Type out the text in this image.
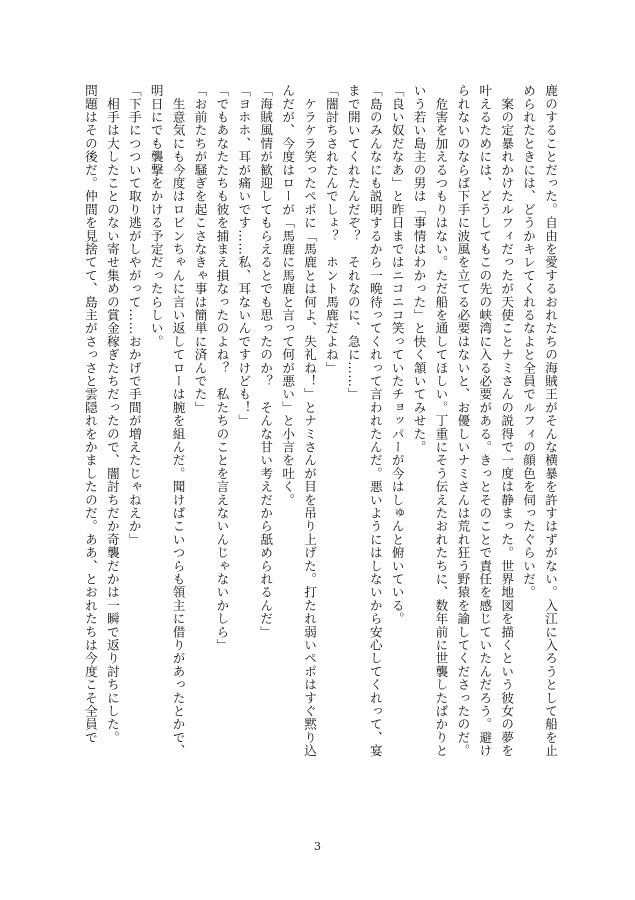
鹿のすることだった。自由を愛するおれたちの海賊王がそんな横暴を許すはずがない。入江に入ろうとして船を止

められたときには、どうかキレてくれるなよと全員でルフィの顔色を伺ったぐらいだ。

　案の定暴れかけたルフィだったが天使ことナミさんの説得で一度は静まった。世界地図を描くという彼女の夢を

叶えるためには、どうしてもこの先の峡湾に入る必要がある。きっとそのことで責任を感じていたんだろう。避け

られないのならば下手に波風を立てる必要はないと、お優しいナミさんは荒れ狂う野猿を諭してくださったのだ。

　危害を加えるつもりはない。ただ船を通してほしい。丁重にそう伝えたおれたちに、数年前に世襲したばかりと

いう若い島主の男は「事情はわかった」と快く頷いてみせた。

「良い奴だなあ」と昨日まではニコニコ笑っていたチョッパーが今はしゅんと俯いている。

「島のみんなにも説明するから一晩待ってくれって言われたんだ。悪いようにはしないから安心してくれって、宴

まで開いてくれたんだぞ？　それなのに、急に……」

「闇討ちされたんでしょ？　ホント馬鹿だよね」

　ケラケラ笑ったペポに「馬鹿とは何よ、失礼ね！」とナミさんが目を吊り上げた。打たれ弱いペポはすぐ黙り込

んだが、今度はローが「馬鹿に馬鹿と言って何が悪い」と小言を吐く。

「海賊風情が歓迎してもらえるとでも思ったのか？　そんな甘い考えだから舐められるんだ」

「ヨホホ、耳が痛いです……私、耳ないんですけども！」

「でもあなたたちも彼を捕まえ損なったのよね？　私たちのことを言えないんじゃないかしら」

「お前たちが騒ぎを起こさなきゃ事は簡単に済んでた」

　生意気にも今度はロビンちゃんに言い返してローは腕を組んだ。聞けばこいつらも領主に借りがあったとかで、

明日にでも襲撃をかける予定だったらしい。

「下手につついて取り逃がしやがって……おかげで手間が増えたじゃねえか」

　相手は大したことのない寄せ集めの賞金稼ぎたちだったので、闇討ちだか奇襲だかは一瞬で返り討ちにした。

問題はその後だ。仲間を見捨てて、島主がさっさと雲隠れをかましたのだ。ああ、とおれたちは今度こそ全員で

3
